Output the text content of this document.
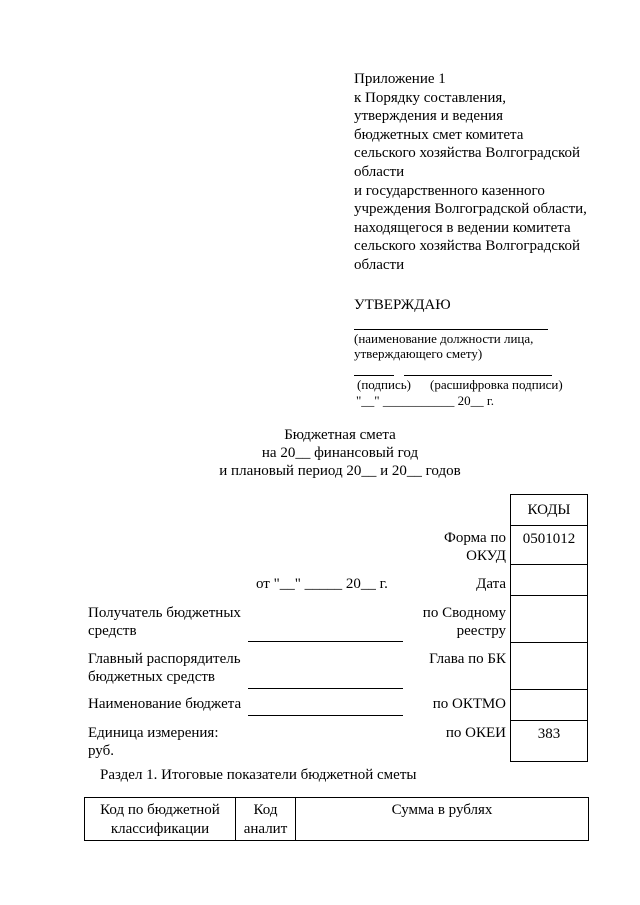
Приложение 1
к Порядку составления,
утверждения и ведения
бюджетных смет комитета
сельского хозяйства Волгоградской
области
и государственного казенного
учреждения Волгоградской области,
находящегося в ведении комитета
сельского хозяйства Волгоградской
области
УТВЕРЖДАЮ
(наименование должности лица,
утверждающего смету)
(подпись) (расшифровка подписи)
"__" ___________ 20__ г.
Бюджетная смета
на 20__ финансовый год
и плановый период 20__ и 20__ годов
КОДЫ
0501012
383
Форма по
ОКУД
от "__" _____ 20__ г.	Дата
по Сводному
реестру
Глава по БК
по ОКТМО
по ОКЕИ
Получатель бюджетных
средств
Главный распорядитель
бюджетных средств
Наименование бюджета
Единица измерения:
руб.
Раздел 1. Итоговые показатели бюджетной сметы
Код по бюджетной
классификации
Код
аналит
Сумма в рублях
